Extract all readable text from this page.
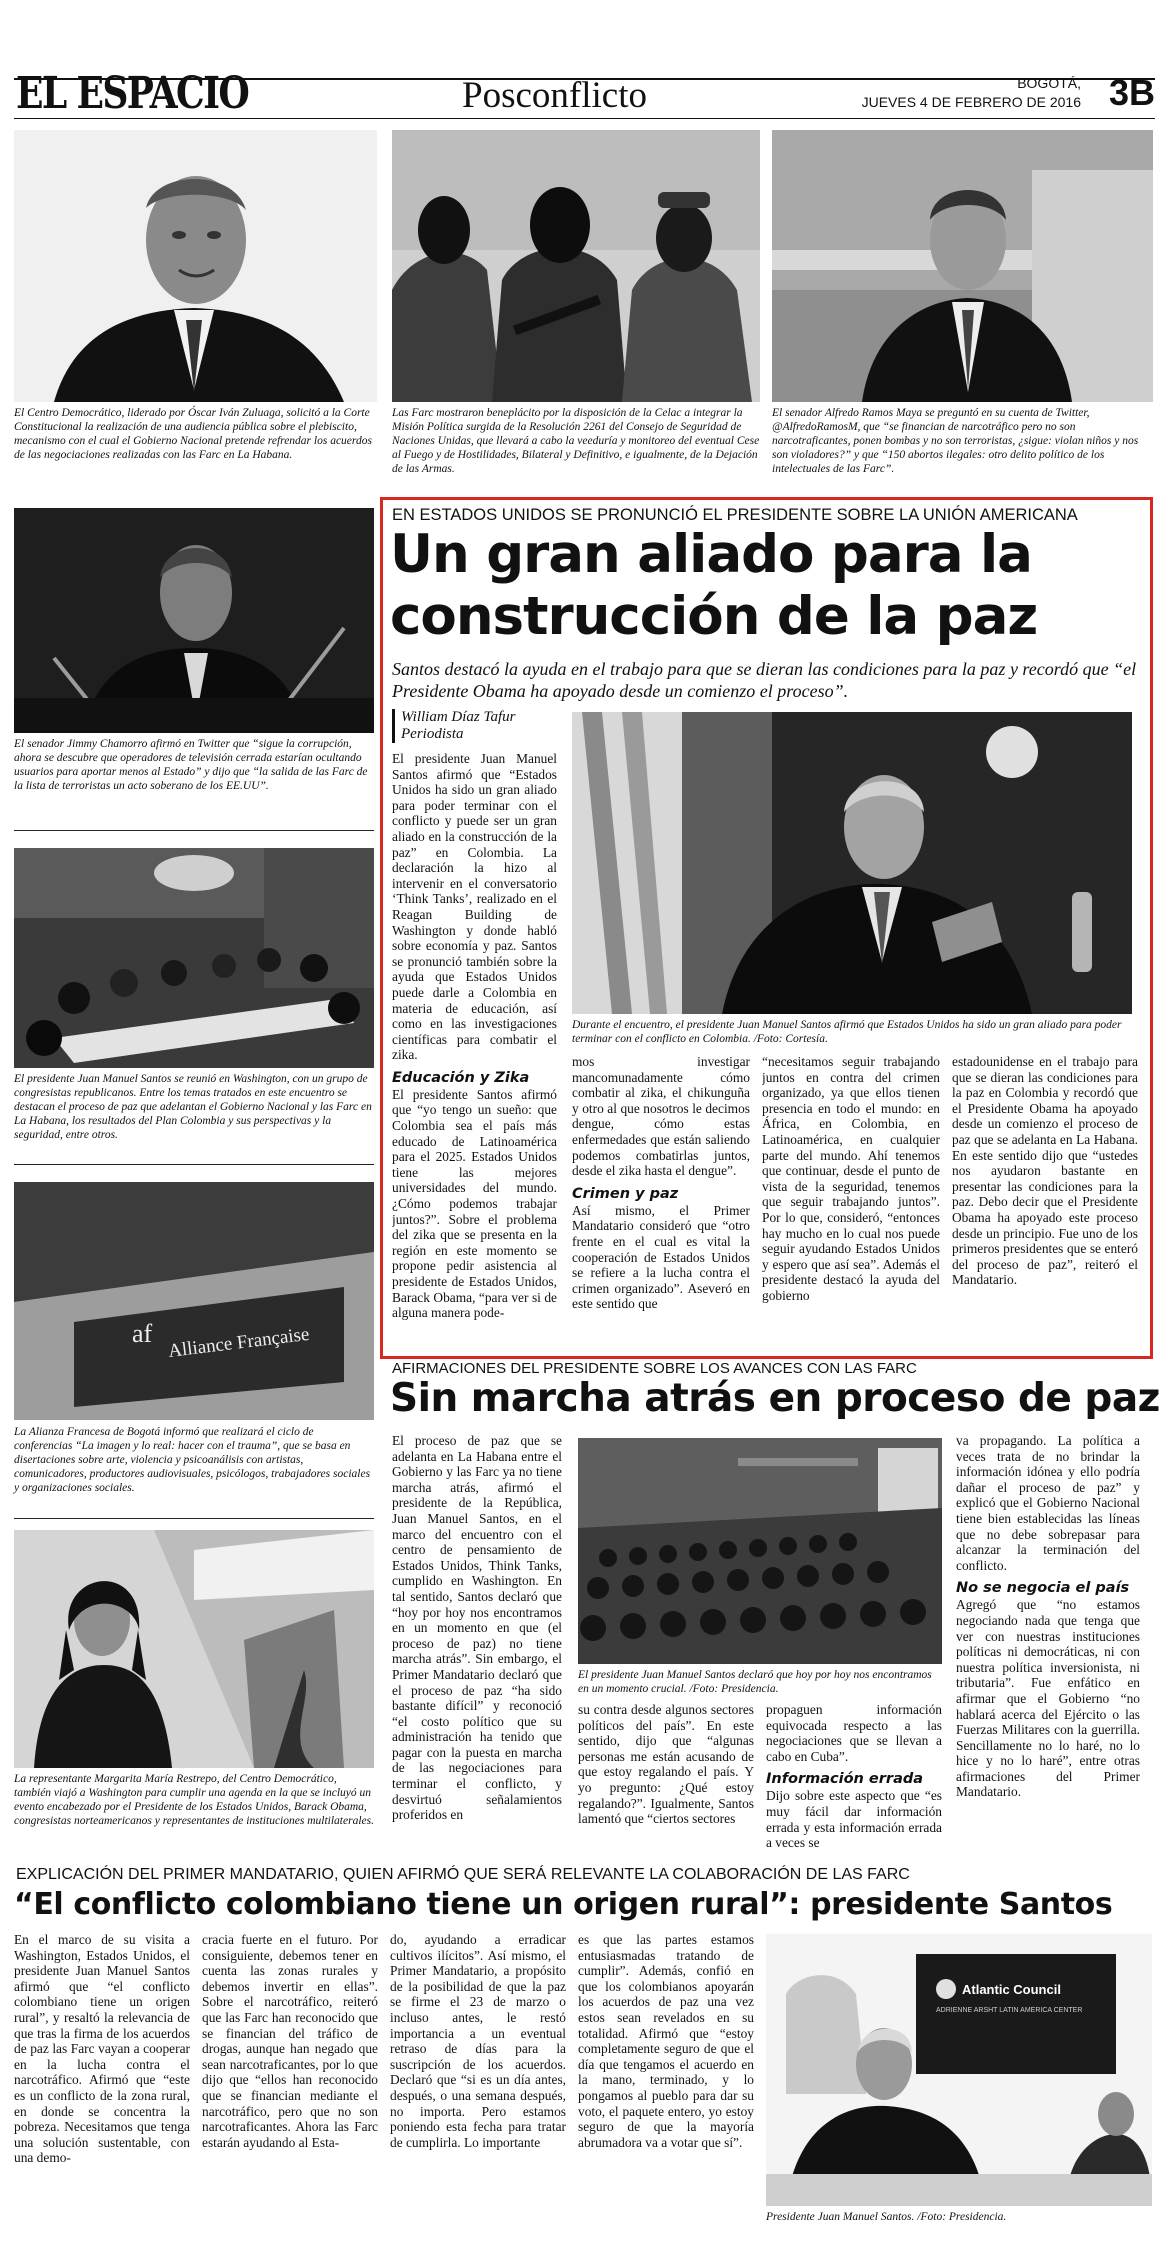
EL ESPACIO	Posconflicto	BOGOTÁ,
JUEVES 4 DE FEBRERO DE 2016 3B
El Centro Democrático, liderado por Óscar Iván Zuluaga, solicitó a la Corte Constitucional la realización de una audiencia pública sobre el plebiscito, mecanismo con el cual el Gobierno Nacional pretende refrendar los acuerdos de las negociaciones realizadas con las Farc en La Habana.
Las Farc mostraron beneplácito por la disposición de la Celac a integrar la Misión Política surgida de la Resolución 2261 del Consejo de Seguridad de Naciones Unidas, que llevará a cabo la veeduría y monitoreo del eventual Cese al Fuego y de Hostilidades, Bilateral y Definitivo, e igualmente, de la Dejación de las Armas.
El senador Alfredo Ramos Maya se preguntó en su cuenta de Twitter, @AlfredoRamosM, que “se financian de narcotráfico pero no son narcotraficantes, ponen bombas y no son terroristas, ¿sigue: violan niños y nos son violadores?” y que “150 abortos ilegales: otro delito político de los intelectuales de las Farc”.
El senador Jimmy Chamorro afirmó en Twitter que “sigue la corrupción, ahora se descubre que operadores de televisión cerrada estarían ocultando usuarios para aportar menos al Estado” y dijo que “la salida de las Farc de la lista de terroristas un acto soberano de los EE.UU”.
El presidente Juan Manuel Santos se reunió en Washington, con un grupo de congresistas republicanos. Entre los temas tratados en este encuentro se destacan el proceso de paz que adelantan el Gobierno Nacional y las Farc en La Habana, los resultados del Plan Colombia y sus perspectivas y la seguridad, entre otros.
Alliance Française
af
La Alianza Francesa de Bogotá informó que realizará el ciclo de conferencias “La imagen y lo real: hacer con el trauma”, que se basa en disertaciones sobre arte, violencia y psicoanálisis con artistas, comunicadores, productores audiovisuales, psicólogos, trabajadores sociales y organizaciones sociales.
La representante Margarita María Restrepo, del Centro Democrático, también viajó a Washington para cumplir una agenda en la que se incluyó un evento encabezado por el Presidente de los Estados Unidos, Barack Obama, congresistas norteamericanos y representantes de instituciones multilaterales.
EN ESTADOS UNIDOS SE PRONUNCIÓ EL PRESIDENTE SOBRE LA UNIÓN AMERICANA
Un gran aliado para la
construcción de la paz
Santos destacó la ayuda en el trabajo para que se dieran las condiciones para la paz y recordó que “el Presidente Obama ha apoyado desde un comienzo el proceso”.
William Díaz Tafur
Periodista
El presidente Juan Manuel Santos afirmó que “Estados Unidos ha sido un gran aliado para poder terminar con el conflicto y puede ser un gran aliado en la construcción de la paz” en Colombia. La declaración la hizo al intervenir en el conversatorio ‘Think Tanks’, realizado en el Reagan Building de Washington y donde habló sobre economía y paz. Santos se pronunció también sobre la ayuda que Estados Unidos puede darle a Colombia en materia de educación, así como en las investigaciones científicas para combatir el zika.
Educación y Zika
El presidente Santos afirmó que “yo tengo un sueño: que Colombia sea el país más educado de Latinoamérica para el 2025. Estados Unidos tiene las mejores universidades del mundo. ¿Cómo podemos trabajar juntos?”. Sobre el problema del zika que se presenta en la región en este momento se propone pedir asistencia al presidente de Estados Unidos, Barack Obama, “para ver si de alguna manera pode-
Durante el encuentro, el presidente Juan Manuel Santos afirmó que Estados Unidos ha sido un gran aliado para poder terminar con el conflicto en Colombia. /Foto: Cortesía.
mos investigar mancomunadamente cómo combatir al zika, el chikunguña y otro al que nosotros le decimos dengue, cómo estas enfermedades que están saliendo podemos combatirlas juntos, desde el zika hasta el dengue”.
Crimen y paz
Así mismo, el Primer Mandatario consideró que “otro frente en el cual es vital la cooperación de Estados Unidos se refiere a la lucha contra el crimen organizado”. Aseveró en este sentido que
“necesitamos seguir trabajando juntos en contra del crimen organizado, ya que ellos tienen presencia en todo el mundo: en África, en Colombia, en Latinoamérica, en cualquier parte del mundo. Ahí tenemos que continuar, desde el punto de vista de la seguridad, tenemos que seguir trabajando juntos”. Por lo que, consideró, “entonces hay mucho en lo cual nos puede seguir ayudando Estados Unidos y espero que así sea”. Además el presidente destacó la ayuda del gobierno
estadounidense en el trabajo para que se dieran las condiciones para la paz en Colombia y recordó que el Presidente Obama ha apoyado desde un comienzo el proceso de paz que se adelanta en La Habana. En este sentido dijo que “ustedes nos ayudaron bastante en presentar las condiciones para la paz. Debo decir que el Presidente Obama ha apoyado este proceso desde un principio. Fue uno de los primeros presidentes que se enteró del proceso de paz”, reiteró el Mandatario.
AFIRMACIONES DEL PRESIDENTE SOBRE LOS AVANCES CON LAS FARC
Sin marcha atrás en proceso de paz
El proceso de paz que se adelanta en La Habana entre el Gobierno y las Farc ya no tiene marcha atrás, afirmó el presidente de la República, Juan Manuel Santos, en el marco del encuentro con el centro de pensamiento de Estados Unidos, Think Tanks, cumplido en Washington. En tal sentido, Santos declaró que “hoy por hoy nos encontramos en un momento en que (el proceso de paz) no tiene marcha atrás”. Sin embargo, el Primer Mandatario declaró que el proceso de paz “ha sido bastante difícil” y reconoció “el costo político que su administración ha tenido que pagar con la puesta en marcha de las negociaciones para terminar el conflicto, y desvirtuó señalamientos proferidos en
El presidente Juan Manuel Santos declaró que hoy por hoy nos encontramos en un momento crucial. /Foto: Presidencia.
su contra desde algunos sectores políticos del país”. En este sentido, dijo que “algunas personas me están acusando de que estoy regalando el país. Y yo pregunto: ¿Qué estoy regalando?”. Igualmente, Santos lamentó que “ciertos sectores
propaguen información equivocada respecto a las negociaciones que se llevan a cabo en Cuba”.
Información errada
Dijo sobre este aspecto que “es muy fácil dar información errada y esta información errada a veces se
va propagando. La política a veces trata de no brindar la información idónea y ello podría dañar el proceso de paz” y explicó que el Gobierno Nacional tiene bien establecidas las líneas que no debe sobrepasar para alcanzar la terminación del conflicto.
No se negocia el país
Agregó que “no estamos negociando nada que tenga que ver con nuestras instituciones políticas ni democráticas, ni con nuestra política inversionista, ni tributaria”. Fue enfático en afirmar que el Gobierno “no hablará acerca del Ejército o las Fuerzas Militares con la guerrilla. Sencillamente no lo haré, no lo hice y no lo haré”, entre otras afirmaciones del Primer Mandatario.
EXPLICACIÓN DEL PRIMER MANDATARIO, QUIEN AFIRMÓ QUE SERÁ RELEVANTE LA COLABORACIÓN DE LAS FARC
“El conflicto colombiano tiene un origen rural”: presidente Santos
En el marco de su visita a Washington, Estados Unidos, el presidente Juan Manuel Santos afirmó que “el conflicto colombiano tiene un origen rural”, y resaltó la relevancia de que tras la firma de los acuerdos de paz las Farc vayan a cooperar en la lucha contra el narcotráfico. Afirmó que “este es un conflicto de la zona rural, en donde se concentra la pobreza. Necesitamos que tenga una solución sustentable, con una demo-
cracia fuerte en el futuro. Por consiguiente, debemos tener en cuenta las zonas rurales y debemos invertir en ellas”. Sobre el narcotráfico, reiteró que las Farc han reconocido que se financian del tráfico de drogas, aunque han negado que sean narcotraficantes, por lo que dijo que “ellos han reconocido que se financian mediante el narcotráfico, pero que no son narcotraficantes. Ahora las Farc estarán ayudando al Esta-
do, ayudando a erradicar cultivos ilícitos”. Así mismo, el Primer Mandatario, a propósito de la posibilidad de que la paz se firme el 23 de marzo o incluso antes, le restó importancia a un eventual retraso de días para la suscripción de los acuerdos. Declaró que “si es un día antes, después, o una semana después, no importa. Pero estamos poniendo esta fecha para tratar de cumplirla. Lo importante
es que las partes estamos entusiasmadas tratando de cumplir”. Además, confió en que los colombianos apoyarán los acuerdos de paz una vez estos sean revelados en su totalidad. Afirmó que “estoy completamente seguro de que el día que tengamos el acuerdo en la mano, terminado, y lo pongamos al pueblo para dar su voto, el paquete entero, yo estoy seguro de que la mayoría abrumadora va a votar que sí”.
Atlantic Council
ADRIENNE ARSHT LATIN AMERICA CENTER
Presidente Juan Manuel Santos. /Foto: Presidencia.
